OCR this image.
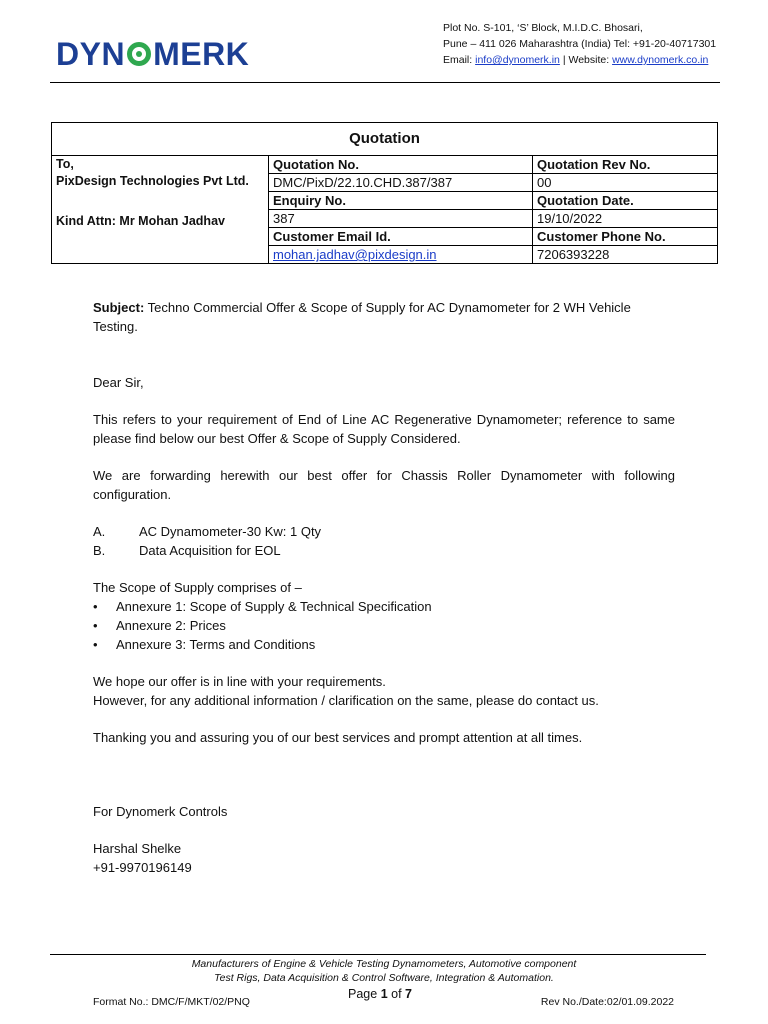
DYN MERK
Plot No. S-101, ‘S’ Block, M.I.D.C. Bhosari,
Pune – 411 026 Maharashtra (India) Tel: +91-20-40717301
Email: info@dynomerk.in | Website: www.dynomerk.co.in
Quotation		

To,
PixDesign Technologies Pvt Ltd.
Kind Attn: Mr Mohan Jadhav	Quotation No.	Quotation Rev No.
	DMC/PixD/22.10.CHD.387/387	00
	Enquiry No.	Quotation Date.
	387	19/10/2022
	Customer Email Id.	Customer Phone No.
	mohan.jadhav@pixdesign.in	7206393228

Subject: Techno Commercial Offer & Scope of Supply for AC Dynamometer for 2 WH Vehicle Testing.

Dear Sir,

This refers to your requirement of End of Line AC Regenerative Dynamometer; reference to same please find below our best Offer & Scope of Supply Considered.

We are forwarding herewith our best offer for Chassis Roller Dynamometer with following configuration.

A.	AC Dynamometer-30 Kw: 1 Qty
B.	Data Acquisition for EOL

The Scope of Supply comprises of –

•	Annexure 1: Scope of Supply & Technical Specification
•	Annexure 2: Prices
•	Annexure 3: Terms and Conditions

We hope our offer is in line with your requirements.

However, for any additional information / clarification on the same, please do contact us.

Thanking you and assuring you of our best services and prompt attention at all times.

For Dynomerk Controls

Harshal Shelke

+91-9970196149

Manufacturers of Engine & Vehicle Testing Dynamometers, Automotive component
Test Rigs, Data Acquisition & Control Software, Integration & Automation.
Page 1 of 7
Format No.: DMC/F/MKT/02/PNQ	Rev No./Date:02/01.09.2022
